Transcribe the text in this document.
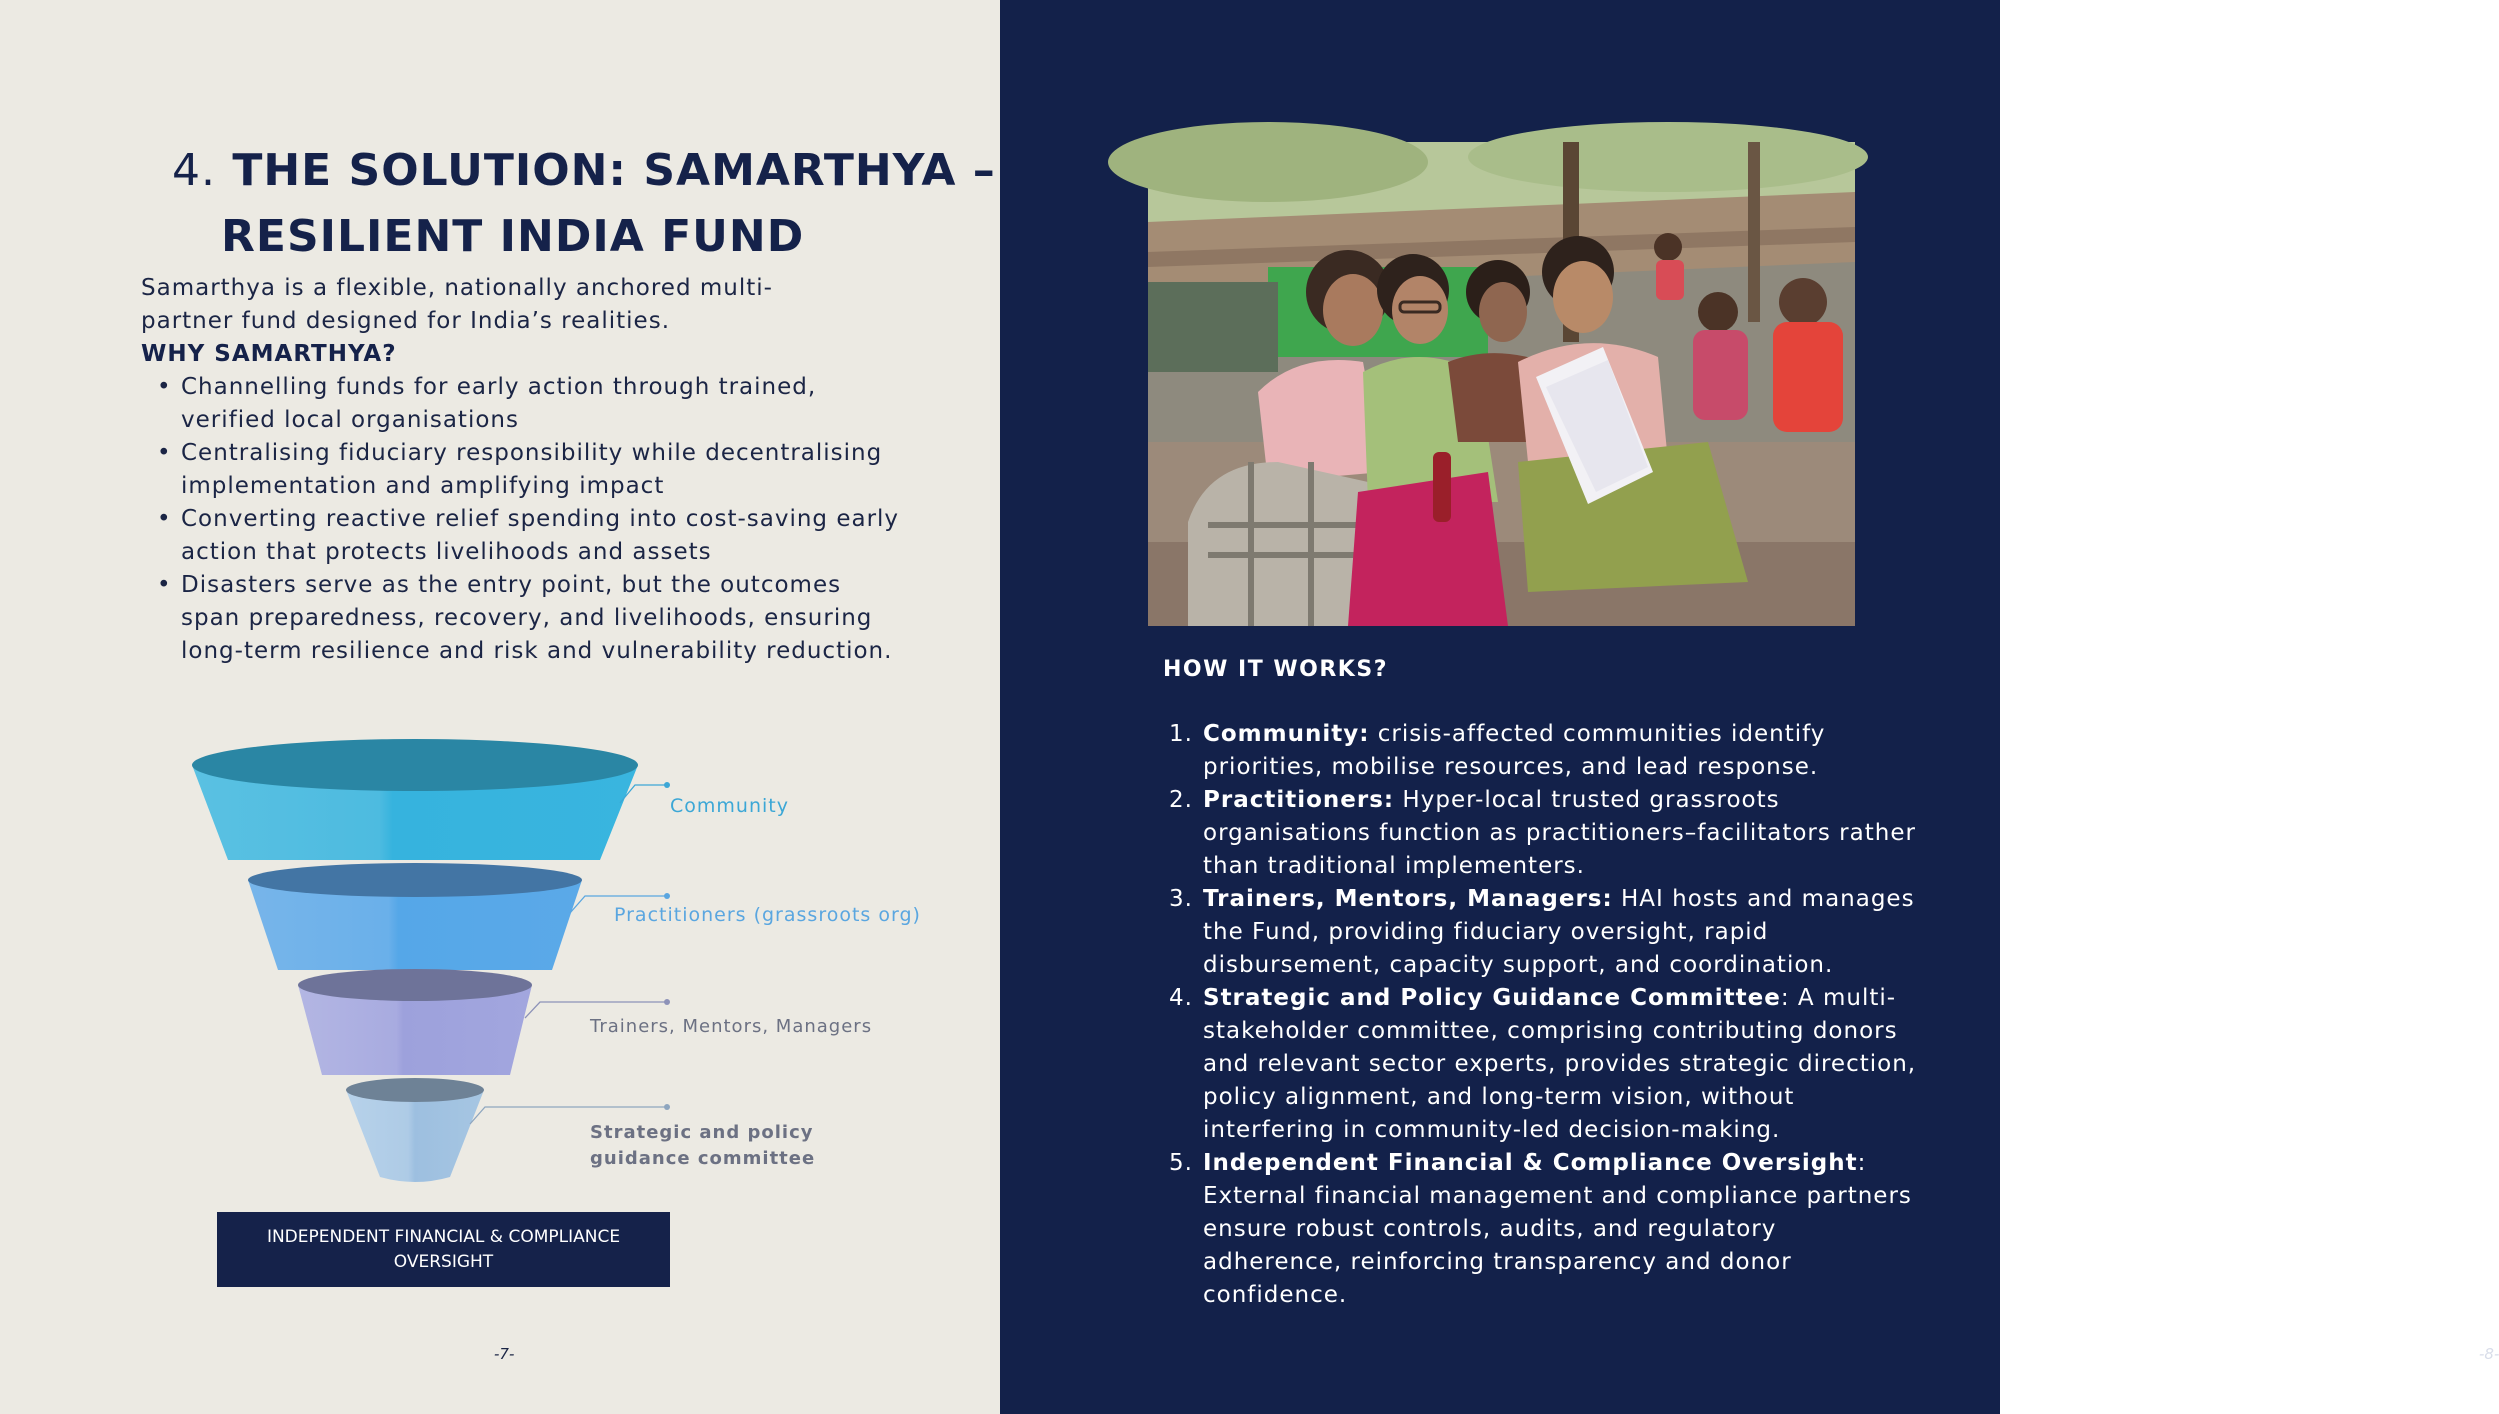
4. THE SOLUTION: SAMARTHYA –
RESILIENT INDIA FUND

Samarthya is a flexible, nationally anchored multi-partner fund designed for India’s realities.

WHY SAMARTHYA?

• Channelling funds for early action through trained, verified local organisations
• Centralising fiduciary responsibility while decentralising implementation and amplifying impact
• Converting reactive relief spending into cost-saving early action that protects livelihoods and assets
• Disasters serve as the entry point, but the outcomes span preparedness, recovery, and livelihoods, ensuring long-term resilience and risk and vulnerability reduction.

Community

Practitioners (grassroots org)

Trainers, Mentors, Managers

Strategic and policy guidance committee

INDEPENDENT FINANCIAL & COMPLIANCE OVERSIGHT

-7-	-8-

HOW IT WORKS?

1. Community: crisis-affected communities identify priorities, mobilise resources, and lead response.
2. Practitioners: Hyper-local trusted grassroots organisations function as practitioners–facilitators rather than traditional implementers.
3. Trainers, Mentors, Managers: HAI hosts and manages the Fund, providing fiduciary oversight, rapid disbursement, capacity support, and coordination.
4. Strategic and Policy Guidance Committee: A multi-stakeholder committee, comprising contributing donors and relevant sector experts, provides strategic direction, policy alignment, and long-term vision, without interfering in community-led decision-making.
5. Independent Financial & Compliance Oversight: External financial management and compliance partners ensure robust controls, audits, and regulatory adherence, reinforcing transparency and donor confidence.
